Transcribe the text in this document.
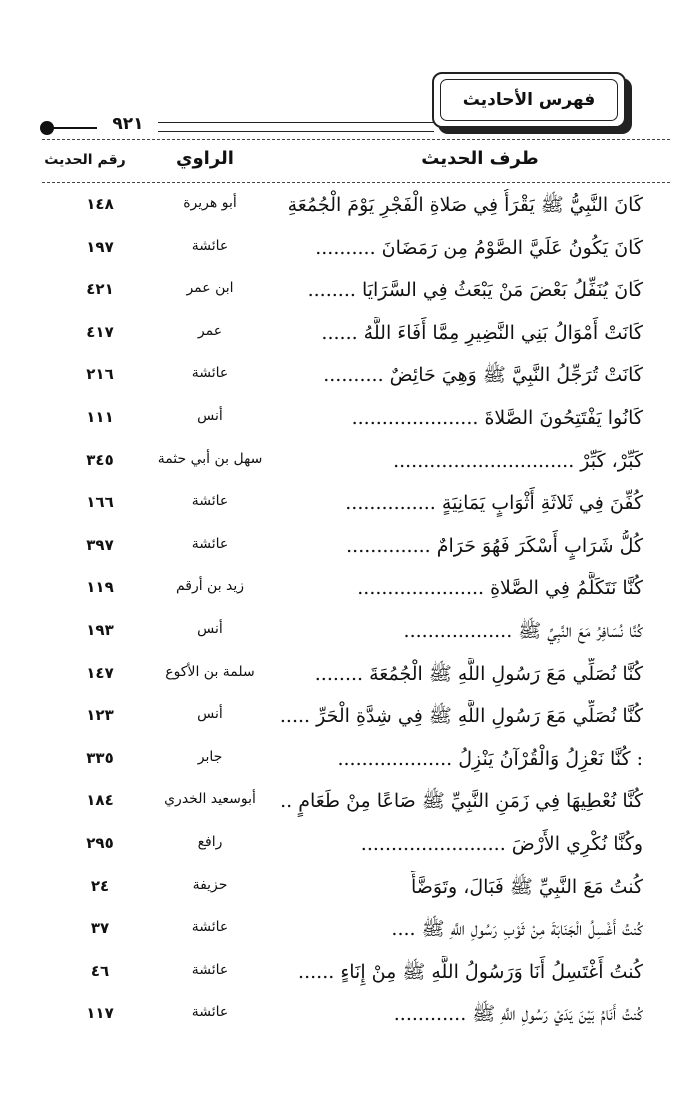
فهرس الأحاديث
٩٢١
طرف الحديث
الراوي
رقم الحديث
كَانَ النَّبِيُّ ﷺ يَقْرَأُ فِي صَلاةِ الْفَجْرِ يَوْمَ الْجُمُعَةِ
أبو هريرة
١٤٨
كَانَ يَكُونُ عَلَيَّ الصَّوْمُ مِن رَمَضَانَ ..........
عائشة
١٩٧
كَانَ يُنَفِّلُ بَعْضَ مَنْ يَبْعَثُ فِي السَّرَايَا ........
ابن عمر
٤٢١
كَانَتْ أَمْوَالُ بَنِي النَّضِيرِ مِمَّا أَفَاءَ اللَّهُ ......
عمر
٤١٧
كَانَتْ تُرَجِّلُ النَّبِيَّ ﷺ وَهِيَ حَائِضٌ ..........
عائشة
٢١٦
كَانُوا يَفْتَتِحُونَ الصَّلاةَ .....................
أنس
١١١
كَبِّرْ، كَبِّرْ ..............................
سهل بن أبي حثمة
٣٤٥
كُفِّنَ فِي ثَلاثَةِ أَثْوَابٍ يَمَانِيَةٍ ...............
عائشة
١٦٦
كُلُّ شَرَابٍ أَسْكَرَ فَهُوَ حَرَامٌ ..............
عائشة
٣٩٧
كُنَّا نَتَكَلَّمُ فِي الصَّلاةِ .....................
زيد بن أرقم
١١٩
كُنَّا نُسَافِرُ مَعَ النَّبِيِّ ﷺ ..................
أنس
١٩٣
كُنَّا نُصَلِّي مَعَ رَسُولِ اللَّهِ ﷺ الْجُمُعَةَ ........
سلمة بن الأكوع
١٤٧
كُنَّا نُصَلِّي مَعَ رَسُولِ اللَّهِ ﷺ فِي شِدَّةِ الْحَرِّ .....
أنس
١٢٣
: كُنَّا نَعْزِلُ وَالْقُرْآنُ يَنْزِلُ ...................
جابر
٣٣٥
كُنَّا نُعْطِيهَا فِي زَمَنِ النَّبِيِّ ﷺ صَاعًا مِنْ طَعَامٍ ..
أبوسعيد الخدري
١٨٤
وكُنَّا نُكْرِي الأَرْضَ ........................
رافع
٢٩٥
كُنتُ مَعَ النَّبِيِّ ﷺ فَبَالَ، وتَوَضَّأَ
حزيفة
٢٤
كُنتُ أَغْسِلُ الْجَنَابَةَ مِنْ ثَوْبِ رَسُولِ اللَّهِ ﷺ ....
عائشة
٣٧
كُنتُ أَغْتَسِلُ أَنَا وَرَسُولُ اللَّهِ ﷺ مِنْ إِنَاءٍ ......
عائشة
٤٦
كُنتُ أَنَامُ بَيْنَ يَدَيْ رَسُولِ اللَّهِ ﷺ ............
عائشة
١١٧
